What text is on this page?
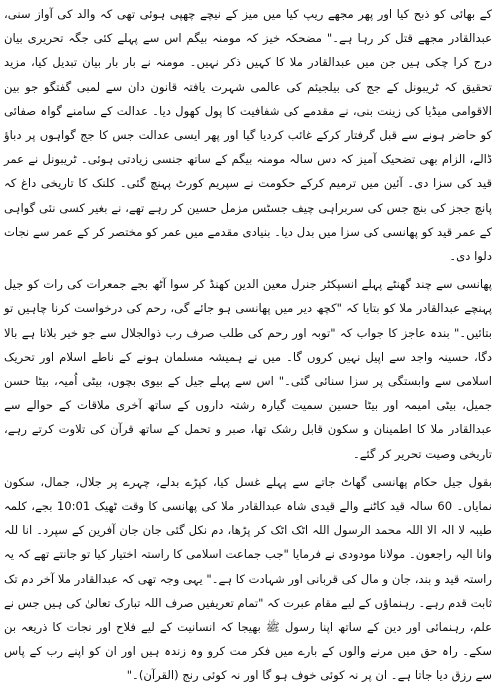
کے بھائی کو ذبح کیا اور پھر مجھے ریپ کیا میں میز کے نیچے چھپی ہوئی تھی کہ والد کی آواز سنی، عبدالقادر مجھے قتل کر رہا ہے۔" مضحکہ خیز کہ مومنہ بیگم اس سے پہلے کئی جگہ تحریری بیان درج کرا چکی ہیں جن میں عبدالقادر ملا کا کہیں ذکر نہیں۔ مومنہ نے بار بار بیان تبدیل کیا، مزید تحقیق کہ ٹریبونل کے جج کی بیلجیئم کی عالمی شہرت یافتہ قانون دان سے لمبی گفتگو جو بین الاقوامی میڈیا کی زینت بنی، نے مقدمے کی شفافیت کا پول کھول دیا۔ عدالت کے سامنے گواہ صفائی کو حاضر ہونے سے قبل گرفتار کرکے غائب کردیا گیا اور پھر ایسی عدالت جس کا جج گواہوں پر دباؤ ڈالے، الزام بھی تضحیک آمیز کہ دس سالہ مومنہ بیگم کے ساتھ جنسی زیادتی ہوئی۔ ٹریبونل نے عمر قید کی سزا دی۔ آئین میں ترمیم کرکے حکومت نے سپریم کورٹ پہنچ گئی۔ کلنک کا تاریخی داغ کہ پانچ ججز کی بنچ جس کی سربراہی چیف جسٹس مزمل حسین کر رہے تھے، نے بغیر کسی نئی گواہی کے عمر قید کو پھانسی کی سزا میں بدل دیا۔ بنیادی مقدمے میں عمر کو مختصر کر کے عمر سے نجات دلوا دی۔

پھانسی سے چند گھنٹے پہلے انسپکٹر جنرل معین الدین کھنڈ کر سوا آٹھ بجے جمعرات کی رات کو جیل پہنچے عبدالقادر ملا کو بتایا کہ "کچھ دیر میں پھانسی ہو جائے گی، رحم کی درخواست کرنا چاہیں تو بتائیں۔" بندہ عاجز کا جواب کہ "توبہ اور رحم کی طلب صرف رب ذوالجلال سے جو خیر بلاتا ہے بالا دگا، حسینہ واجد سے اپیل نہیں کروں گا۔ میں نے ہمیشہ مسلمان ہونے کے ناطے اسلام اور تحریک اسلامی سے وابستگی پر سزا سنائی گئی۔" اس سے پہلے جیل کے بیوی بچوں، بیٹی اُمیہ، بیٹا حسن جمیل، بیٹی امیمہ اور بیٹا حسین سمیت گیارہ رشتہ داروں کے ساتھ آخری ملاقات کے حوالے سے عبدالقادر ملا کا اطمینان و سکون قابل رشک تھا، صبر و تحمل کے ساتھ قرآن کی تلاوت کرتے رہے، تاریخی وصیت تحریر کر گئے۔

بقول جیل حکام پھانسی گھاٹ جاتے سے پہلے غسل کیا، کپڑے بدلے، چہرے پر جلال، جمال، سکون نمایاں۔ 60 سالہ قید کاٹنے والے قیدی شاہ عبدالقادر ملا کی پھانسی کا وقت ٹھیک 10:01 بجے، کلمہ طیبہ لا الہ الا اللہ محمد الرسول اللہ اٹک اٹک کر پڑھا، دم نکل گئی جان جان آفرین کے سپرد۔ انا للہ وانا الیہ راجعون۔ مولانا مودودی نے فرمایا "جب جماعت اسلامی کا راستہ اختیار کیا تو جانتے تھے کہ یہ راستہ قید و بند، جان و مال کی قربانی اور شہادت کا ہے۔" یہی وجہ تھی کہ عبدالقادر ملا آخر دم تک ثابت قدم رہے۔ رہنماؤں کے لیے مقام عبرت کہ "تمام تعریفیں صرف اللہ تبارک تعالیٰ کی ہیں جس نے علم، رہنمائی اور دین کے ساتھ اپنا رسول ﷺ بھیجا کہ انسانیت کے لیے فلاح اور نجات کا ذریعہ بن سکے۔ راہ حق میں مرنے والوں کے بارے میں فکر مت کرو وہ زندہ ہیں اور ان کو اپنے رب کے پاس سے رزق دیا جاتا ہے۔ ان پر نہ کوئی خوف ہو گا اور نہ کوئی رنج (القرآن)۔"
